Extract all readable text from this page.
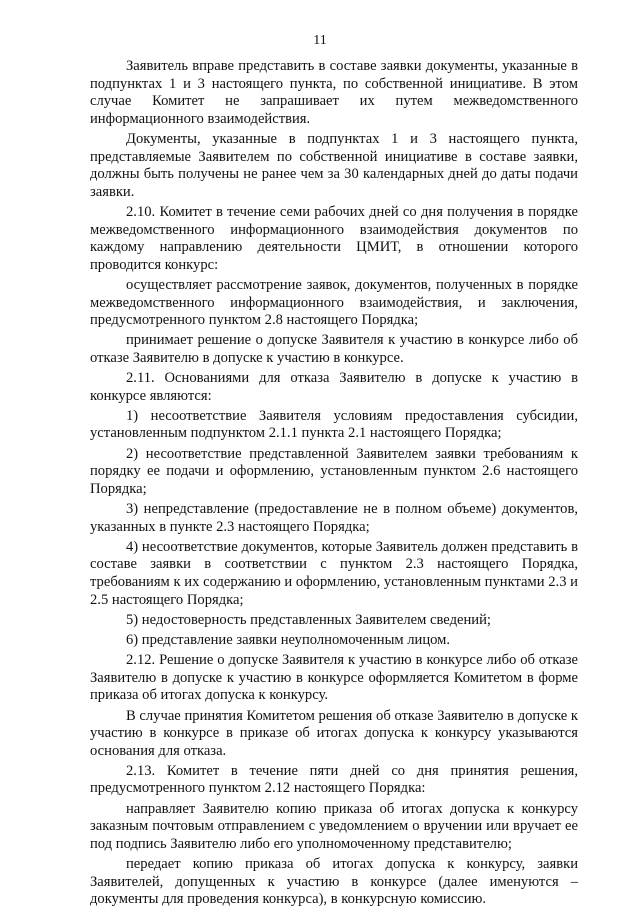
11

Заявитель вправе представить в составе заявки документы, указанные в подпунктах 1 и 3 настоящего пункта, по собственной инициативе. В этом случае Комитет не запрашивает их путем межведомственного информационного взаимодействия.

Документы, указанные в подпунктах 1 и 3 настоящего пункта, представляемые Заявителем по собственной инициативе в составе заявки, должны быть получены не ранее чем за 30 календарных дней до даты подачи заявки.

2.10. Комитет в течение семи рабочих дней со дня получения в порядке межведомственного информационного взаимодействия документов по каждому направлению деятельности ЦМИТ, в отношении которого проводится конкурс:

осуществляет рассмотрение заявок, документов, полученных в порядке межведомственного информационного взаимодействия, и заключения, предусмотренного пунктом 2.8 настоящего Порядка;

принимает решение о допуске Заявителя к участию в конкурсе либо об отказе Заявителю в допуске к участию в конкурсе.

2.11. Основаниями для отказа Заявителю в допуске к участию в конкурсе являются:

1) несоответствие Заявителя условиям предоставления субсидии, установленным подпунктом 2.1.1 пункта 2.1 настоящего Порядка;

2) несоответствие представленной Заявителем заявки требованиям к порядку ее подачи и оформлению, установленным пунктом 2.6 настоящего Порядка;

3) непредставление (предоставление не в полном объеме) документов, указанных в пункте 2.3 настоящего Порядка;

4) несоответствие документов, которые Заявитель должен представить в составе заявки в соответствии с пунктом 2.3 настоящего Порядка, требованиям к их содержанию и оформлению, установленным пунктами 2.3 и 2.5 настоящего Порядка;

5) недостоверность представленных Заявителем сведений;

6) представление заявки неуполномоченным лицом.

2.12. Решение о допуске Заявителя к участию в конкурсе либо об отказе Заявителю в допуске к участию в конкурсе оформляется Комитетом в форме приказа об итогах допуска к конкурсу.

В случае принятия Комитетом решения об отказе Заявителю в допуске к участию в конкурсе в приказе об итогах допуска к конкурсу указываются основания для отказа.

2.13. Комитет в течение пяти дней со дня принятия решения, предусмотренного пунктом 2.12 настоящего Порядка:

направляет Заявителю копию приказа об итогах допуска к конкурсу заказным почтовым отправлением с уведомлением о вручении или вручает ее под подпись Заявителю либо его уполномоченному представителю;

передает копию приказа об итогах допуска к конкурсу, заявки Заявителей, допущенных к участию в конкурсе (далее именуются – документы для проведения конкурса), в конкурсную комиссию.
